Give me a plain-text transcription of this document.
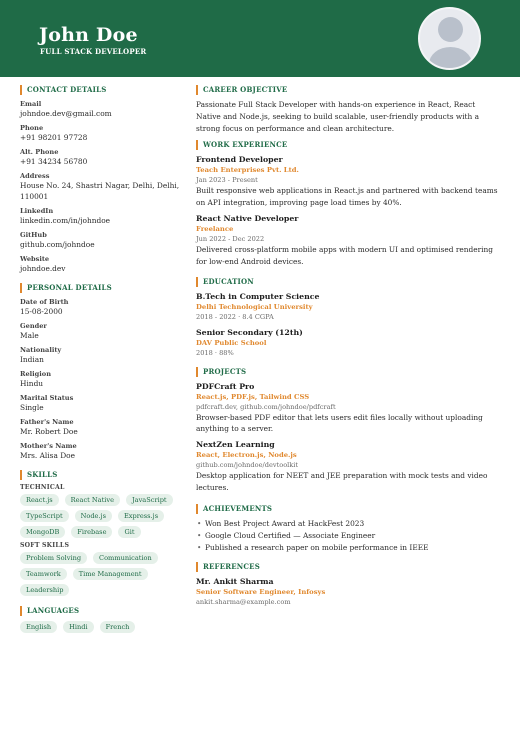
John Doe
FULL STACK DEVELOPER
CONTACT DETAILS
Email
johndoe.dev@gmail.com
Phone
+91 98201 97728
Alt. Phone
+91 34234 56780
Address
House No. 24, Shastri Nagar, Delhi, Delhi, 110001
LinkedIn
linkedin.com/in/johndoe
GitHub
github.com/johndoe
Website
johndoe.dev
PERSONAL DETAILS
Date of Birth
15-08-2000
Gender
Male
Nationality
Indian
Religion
Hindu
Marital Status
Single
Father's Name
Mr. Robert Doe
Mother's Name
Mrs. Alisa Doe
SKILLS
TECHNICAL
React.js	React Native	JavaScript
TypeScript	Node.js	Express.js
MongoDB	Firebase	Git
SOFT SKILLS
Problem Solving	Communication
Teamwork	Time Management
Leadership
LANGUAGES
English	Hindi	French
CAREER OBJECTIVE
Passionate Full Stack Developer with hands-on experience in React, React Native and Node.js, seeking to build scalable, user-friendly products with a strong focus on performance and clean architecture.
WORK EXPERIENCE
Frontend Developer
Teach Enterprises Pvt. Ltd.
Jan 2023 - Present
Built responsive web applications in React.js and partnered with backend teams on API integration, improving page load times by 40%.
React Native Developer
Freelance
Jun 2022 - Dec 2022
Delivered cross-platform mobile apps with modern UI and optimised rendering for low-end Android devices.
EDUCATION
B.Tech in Computer Science
Delhi Technological University
2018 - 2022 · 8.4 CGPA
Senior Secondary (12th)
DAV Public School
2018 · 88%
PROJECTS
PDFCraft Pro
React.js, PDF.js, Tailwind CSS
pdfcraft.dev, github.com/johndoe/pdfcraft
Browser-based PDF editor that lets users edit files locally without uploading anything to a server.
NextZen Learning
React, Electron.js, Node.js
github.com/johndoe/devtoolkit
Desktop application for NEET and JEE preparation with mock tests and video lectures.
ACHIEVEMENTS
• Won Best Project Award at HackFest 2023
• Google Cloud Certified — Associate Engineer
• Published a research paper on mobile performance in IEEE
REFERENCES
Mr. Ankit Sharma
Senior Software Engineer, Infosys
ankit.sharma@example.com
